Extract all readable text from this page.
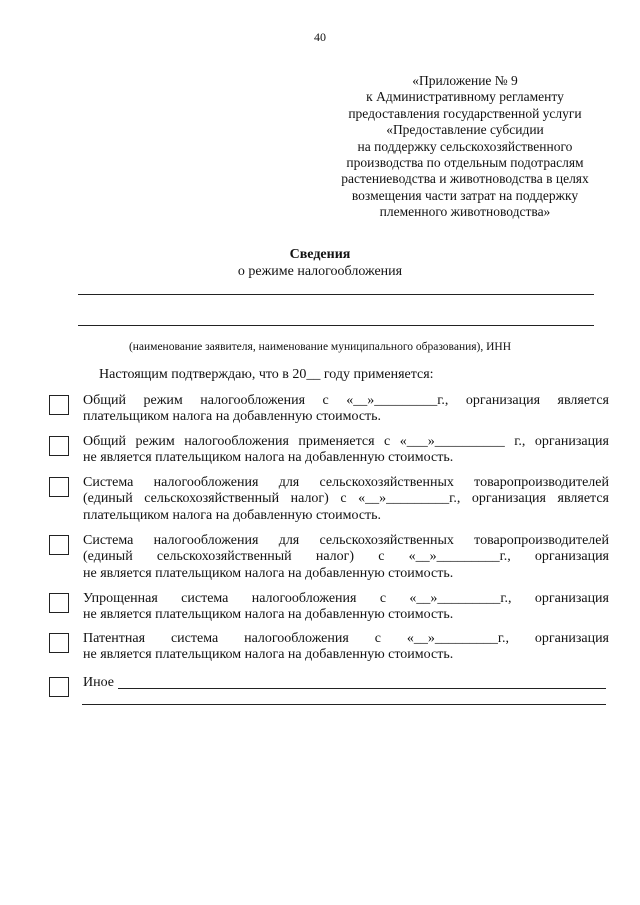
40
«Приложение № 9
к Административному регламенту
предоставления государственной услуги
«Предоставление субсидии
на поддержку сельскохозяйственного
производства по отдельным подотраслям
растениеводства и животноводства в целях
возмещения части затрат на поддержку
племенного животноводства»
Сведения
о режиме налогообложения
(наименование заявителя, наименование муниципального образования), ИНН
Настоящим подтверждаю, что в 20__ году применяется:
Общий режим налогообложения с «__»_________г., организация является
плательщиком налога на добавленную стоимость.
Общий режим налогообложения применяется с «___»__________ г., организация
не является плательщиком налога на добавленную стоимость.
Система налогообложения для сельскохозяйственных товаропроизводителей
(единый сельскохозяйственный налог) с «__»_________г., организация является
плательщиком налога на добавленную стоимость.
Система налогообложения для сельскохозяйственных товаропроизводителей
(единый сельскохозяйственный налог) с «__»_________г., организация
не является плательщиком налога на добавленную стоимость.
Упрощенная система налогообложения с «__»_________г., организация
не является плательщиком налога на добавленную стоимость.
Патентная система налогообложения с «__»_________г., организация
не является плательщиком налога на добавленную стоимость.
Иное
